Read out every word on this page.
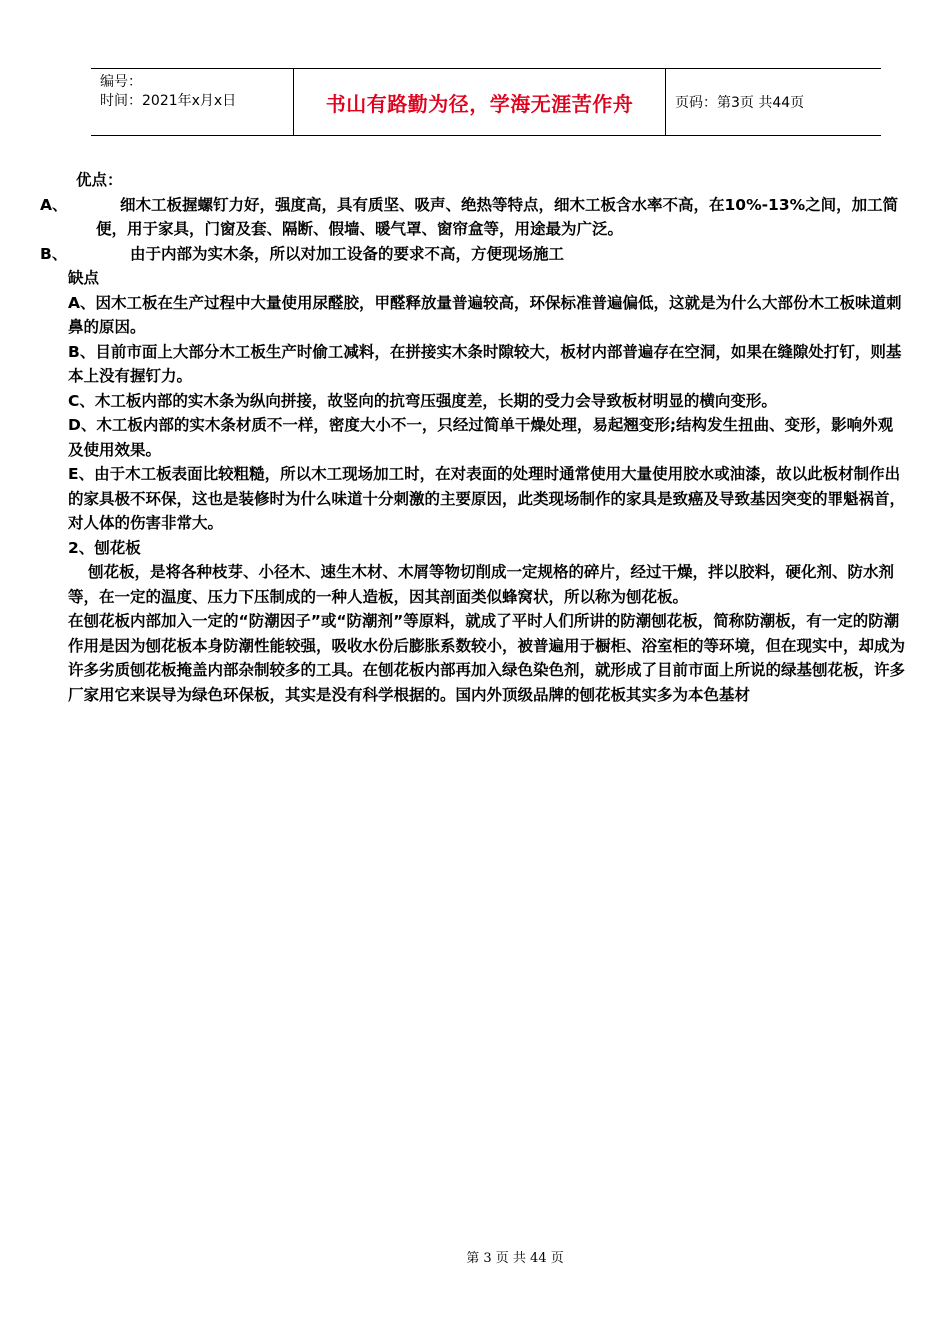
编号：
时间：2021年x月x日	书山有路勤为径，学海无涯苦作舟	页码：第3页 共44页

优点：

A、	细木工板握螺钉力好，强度高，具有质坚、吸声、绝热等特点，细木工板含水率不高，在10%-13%之间，加工简便，用于家具，门窗及套、隔断、假墙、暖气罩、窗帘盒等，用途最为广泛。

B、	由于内部为实木条，所以对加工设备的要求不高，方便现场施工

缺点

A、因木工板在生产过程中大量使用尿醛胶，甲醛释放量普遍较高，环保标准普遍偏低，这就是为什么大部份木工板味道刺鼻的原因。

B、目前市面上大部分木工板生产时偷工减料，在拼接实木条时隙较大，板材内部普遍存在空洞，如果在缝隙处打钉，则基本上没有握钉力。

C、木工板内部的实木条为纵向拼接，故竖向的抗弯压强度差，长期的受力会导致板材明显的横向变形。

D、木工板内部的实木条材质不一样，密度大小不一，只经过简单干燥处理，易起翘变形;结构发生扭曲、变形，影响外观及使用效果。

E、由于木工板表面比较粗糙，所以木工现场加工时，在对表面的处理时通常使用大量使用胶水或油漆，故以此板材制作出的家具极不环保，这也是装修时为什么味道十分刺激的主要原因，此类现场制作的家具是致癌及导致基因突变的罪魁祸首，对人体的伤害非常大。

2、刨花板

刨花板，是将各种枝芽、小径木、速生木材、木屑等物切削成一定规格的碎片，经过干燥，拌以胶料，硬化剂、防水剂等，在一定的温度、压力下压制成的一种人造板，因其剖面类似蜂窝状，所以称为刨花板。

在刨花板内部加入一定的“防潮因子”或“防潮剂”等原料，就成了平时人们所讲的防潮刨花板，简称防潮板，有一定的防潮作用是因为刨花板本身防潮性能较强，吸收水份后膨胀系数较小，被普遍用于橱柜、浴室柜的等环境，但在现实中，却成为许多劣质刨花板掩盖内部杂制较多的工具。在刨花板内部再加入绿色染色剂，就形成了目前市面上所说的绿基刨花板，许多厂家用它来误导为绿色环保板，其实是没有科学根据的。国内外顶级品牌的刨花板其实多为本色基材

第 3 页 共 44 页
